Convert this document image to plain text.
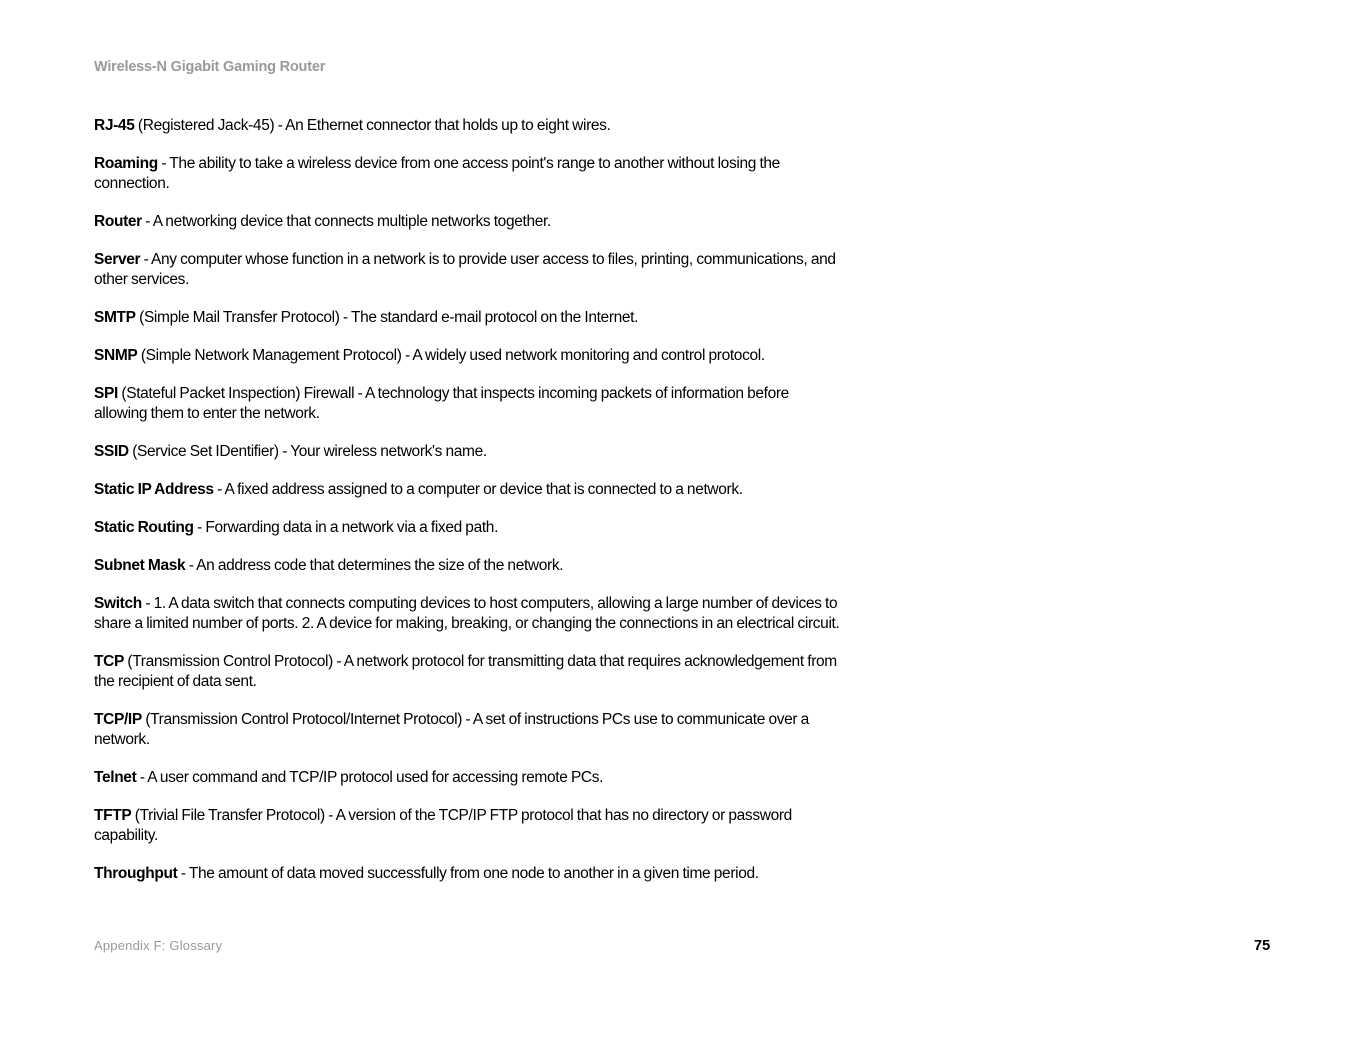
Wireless-N Gigabit Gaming Router

RJ-45 (Registered Jack-45) - An Ethernet connector that holds up to eight wires.

Roaming - The ability to take a wireless device from one access point's range to another without losing the connection.

Router - A networking device that connects multiple networks together.

Server - Any computer whose function in a network is to provide user access to files, printing, communications, and other services.

SMTP (Simple Mail Transfer Protocol) - The standard e-mail protocol on the Internet.

SNMP (Simple Network Management Protocol) - A widely used network monitoring and control protocol.

SPI (Stateful Packet Inspection) Firewall - A technology that inspects incoming packets of information before allowing them to enter the network.

SSID (Service Set IDentifier) - Your wireless network's name.

Static IP Address - A fixed address assigned to a computer or device that is connected to a network.

Static Routing - Forwarding data in a network via a fixed path.

Subnet Mask - An address code that determines the size of the network.

Switch - 1. A data switch that connects computing devices to host computers, allowing a large number of devices to share a limited number of ports. 2. A device for making, breaking, or changing the connections in an electrical circuit.

TCP (Transmission Control Protocol) - A network protocol for transmitting data that requires acknowledgement from the recipient of data sent.

TCP/IP (Transmission Control Protocol/Internet Protocol) - A set of instructions PCs use to communicate over a network.

Telnet - A user command and TCP/IP protocol used for accessing remote PCs.

TFTP (Trivial File Transfer Protocol) - A version of the TCP/IP FTP protocol that has no directory or password capability.

Throughput - The amount of data moved successfully from one node to another in a given time period.

Appendix F: Glossary	75
